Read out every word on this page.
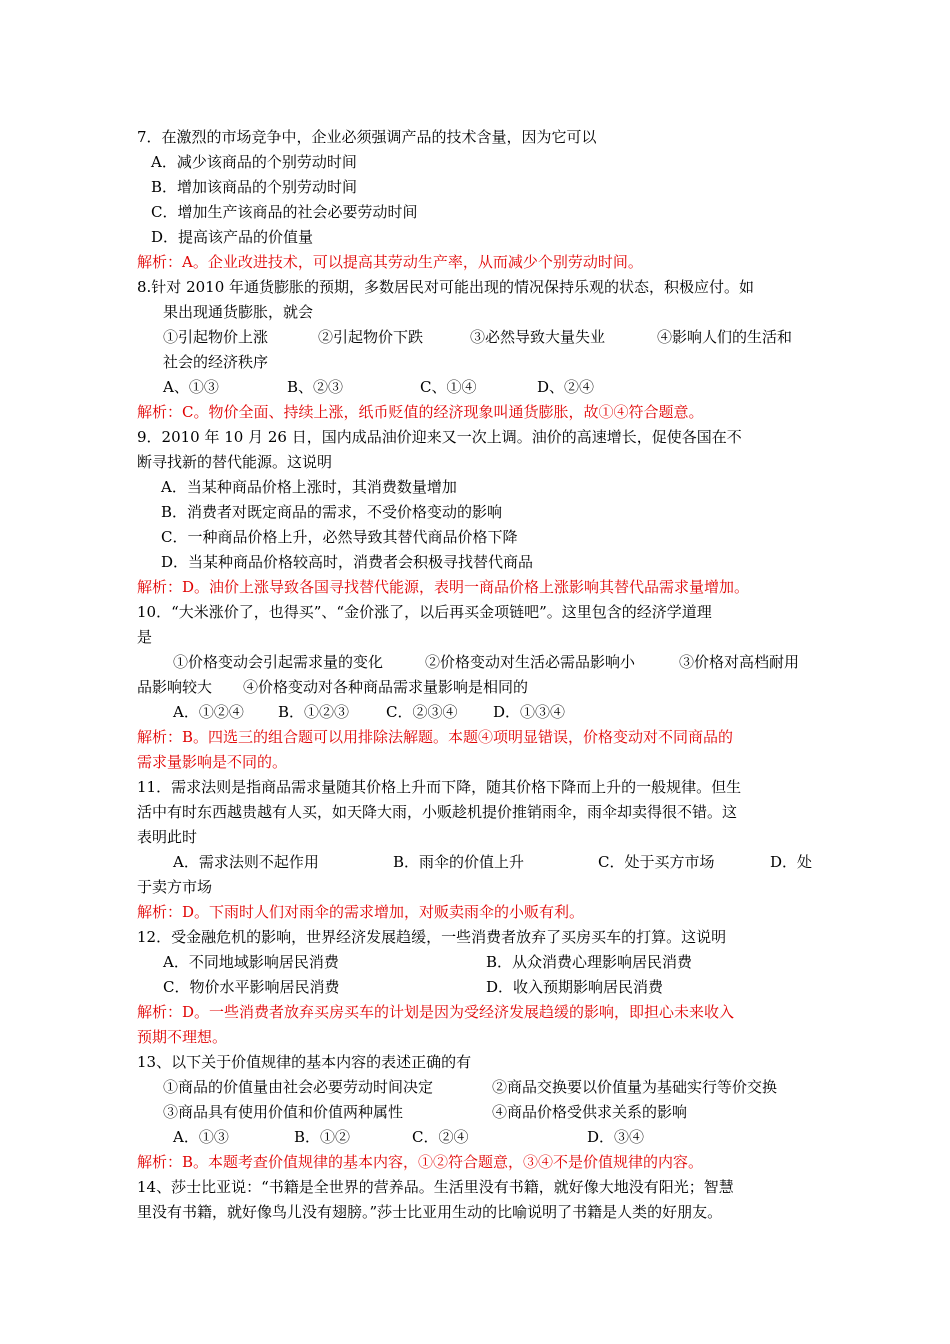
7．在激烈的市场竞争中，企业必须强调产品的技术含量，因为它可以
A．减少该商品的个别劳动时间
B．增加该商品的个别劳动时间
C．增加生产该商品的社会必要劳动时间
D．提高该产品的价值量
解析：A。企业改进技术，可以提高其劳动生产率，从而减少个别劳动时间。
8.针对 2010 年通货膨胀的预期，多数居民对可能出现的情况保持乐观的状态，积极应付。如
果出现通货膨胀，就会
①引起物价上涨	②引起物价下跌	③必然导致大量失业	④影响人们的生活和
社会的经济秩序
A、①③	B、②③	C、①④	D、②④
解析：C。物价全面、持续上涨，纸币贬值的经济现象叫通货膨胀，故①④符合题意。
9．2010 年 10 月 26 日，国内成品油价迎来又一次上调。油价的高速增长，促使各国在不
断寻找新的替代能源。这说明
A．当某种商品价格上涨时，其消费数量增加
B．消费者对既定商品的需求，不受价格变动的影响
C．一种商品价格上升，必然导致其替代商品价格下降
D．当某种商品价格较高时，消费者会积极寻找替代商品
解析：D。油价上涨导致各国寻找替代能源，表明一商品价格上涨影响其替代品需求量增加。
10．“大米涨价了，也得买”、“金价涨了，以后再买金项链吧”。这里包含的经济学道理
是
①价格变动会引起需求量的变化	②价格变动对生活必需品影响小	③价格对高档耐用
品影响较大 ④价格变动对各种商品需求量影响是相同的
A．①②④ B．①②③ C．②③④ D．①③④
解析：B。四选三的组合题可以用排除法解题。本题④项明显错误，价格变动对不同商品的
需求量影响是不同的。
11．需求法则是指商品需求量随其价格上升而下降，随其价格下降而上升的一般规律。但生
活中有时东西越贵越有人买，如天降大雨，小贩趁机提价推销雨伞，雨伞却卖得很不错。这
表明此时
A．需求法则不起作用	B．雨伞的价值上升	C．处于买方市场	D．处
于卖方市场
解析：D。下雨时人们对雨伞的需求增加，对贩卖雨伞的小贩有利。
12．受金融危机的影响，世界经济发展趋缓，一些消费者放弃了买房买车的打算。这说明
A．不同地域影响居民消费	B．从众消费心理影响居民消费
C．物价水平影响居民消费	D．收入预期影响居民消费
解析：D。一些消费者放弃买房买车的计划是因为受经济发展趋缓的影响，即担心未来收入
预期不理想。
13、以下关于价值规律的基本内容的表述正确的有
①商品的价值量由社会必要劳动时间决定	②商品交换要以价值量为基础实行等价交换
③商品具有使用价值和价值两种属性	④商品价格受供求关系的影响
A．①③	B．①②	C．②④	D．③④
解析：B。本题考查价值规律的基本内容，①②符合题意，③④不是价值规律的内容。
14、莎士比亚说：“书籍是全世界的营养品。生活里没有书籍，就好像大地没有阳光；智慧
里没有书籍，就好像鸟儿没有翅膀。”莎士比亚用生动的比喻说明了书籍是人类的好朋友。
